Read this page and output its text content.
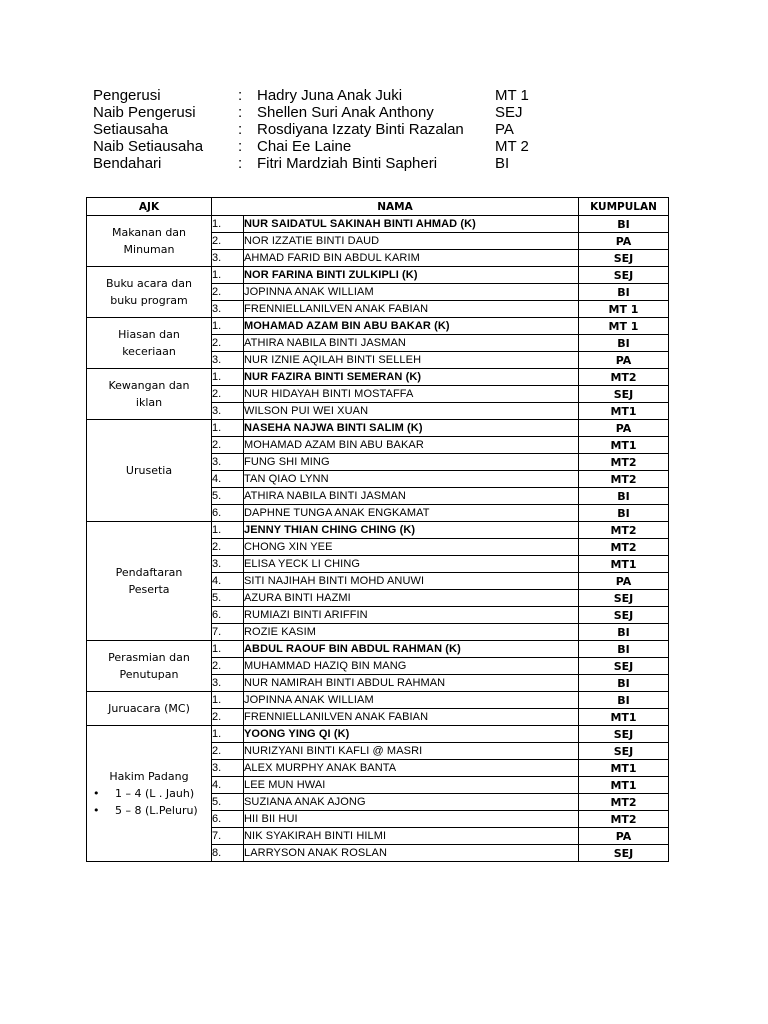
Pengerusi	: Hadry Juna Anak Juki	MT 1
Naib Pengerusi	: Shellen Suri Anak Anthony	SEJ
Setiausaha	: Rosdiyana Izzaty Binti Razalan PA
Naib Setiausaha : Chai Ee Laine	MT 2
Bendahari	: Fitri Mardziah Binti Sapheri	BI
AJK	NAMA		KUMPULAN

Makanan dan Minuman	1.	NUR SAIDATUL SAKINAH BINTI AHMAD (K)	BI
	2.	NOR IZZATIE BINTI DAUD	PA
	3.	AHMAD FARID BIN ABDUL KARIM	SEJ

Buku acara dan buku program	1.	NOR FARINA BINTI ZULKIPLI (K)	SEJ
	2.	JOPINNA ANAK WILLIAM	BI
	3.	FRENNIELLANILVEN ANAK FABIAN	MT 1

Hiasan dan keceriaan	1.	MOHAMAD AZAM BIN ABU BAKAR (K)	MT 1
	2.	ATHIRA NABILA BINTI JASMAN	BI
	3.	NUR IZNIE AQILAH BINTI SELLEH	PA

Kewangan dan iklan	1.	NUR FAZIRA BINTI SEMERAN (K)	MT2
	2.	NUR HIDAYAH BINTI MOSTAFFA	SEJ
	3.	WILSON PUI WEI XUAN	MT1

Urusetia	1.	NASEHA NAJWA BINTI SALIM (K)	PA
	2.	MOHAMAD AZAM BIN ABU BAKAR	MT1
	3.	FUNG SHI MING	MT2
	4.	TAN QIAO LYNN	MT2
	5.	ATHIRA NABILA BINTI JASMAN	BI
	6.	DAPHNE TUNGA ANAK ENGKAMAT	BI

Pendaftaran Peserta	1.	JENNY THIAN CHING CHING (K)	MT2
	2.	CHONG XIN YEE	MT2
	3.	ELISA YECK LI CHING	MT1
	4.	SITI NAJIHAH BINTI MOHD ANUWI	PA
	5.	AZURA BINTI HAZMI	SEJ
	6.	RUMIAZI BINTI ARIFFIN	SEJ
	7.	ROZIE KASIM	BI

Perasmian dan Penutupan	1.	ABDUL RAOUF BIN ABDUL RAHMAN (K)	BI
	2.	MUHAMMAD HAZIQ BIN MANG	SEJ
	3.	NUR NAMIRAH BINTI ABDUL RAHMAN	BI

Juruacara (MC)	1.	JOPINNA ANAK WILLIAM	BI
	2.	FRENNIELLANILVEN ANAK FABIAN	MT1

Hakim Padang
• 1 – 4 (L . Jauh)
• 5 – 8 (L.Peluru)	1.	YOONG YING QI (K)	SEJ
	2.	NURIZYANI BINTI KAFLI @ MASRI	SEJ
	3.	ALEX MURPHY ANAK BANTA	MT1
	4.	LEE MUN HWAI	MT1
	5.	SUZIANA ANAK AJONG	MT2
	6.	HII BII HUI	MT2
	7.	NIK SYAKIRAH BINTI HILMI	PA
	8.	LARRYSON ANAK ROSLAN	SEJ
